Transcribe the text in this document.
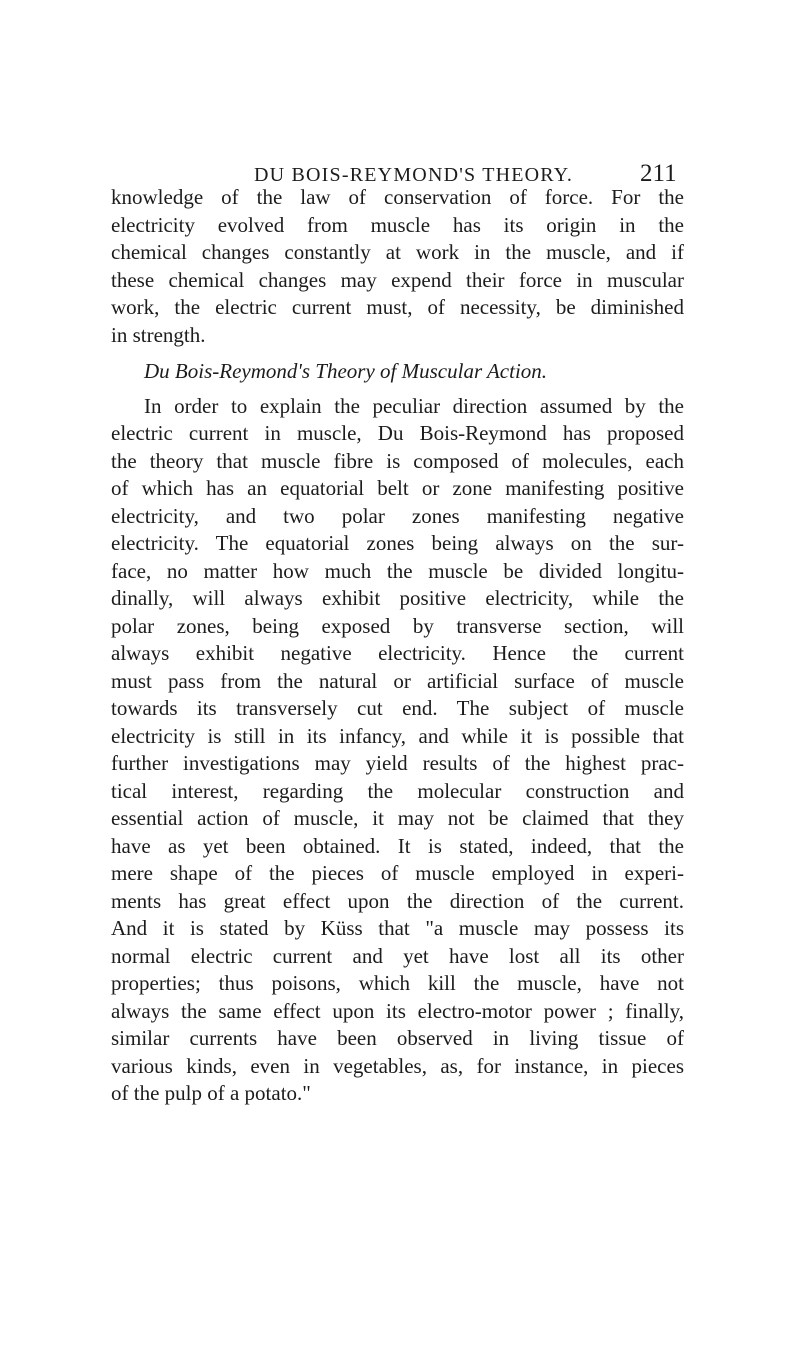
DU BOIS-REYMOND'S THEORY.	211
knowledge of the law of conservation of force. For the
electricity evolved from muscle has its origin in the
chemical changes constantly at work in the muscle, and if
these chemical changes may expend their force in muscular
work, the electric current must, of necessity, be diminished
in strength.
Du Bois-Reymond's Theory of Muscular Action.
In order to explain the peculiar direction assumed by the
electric current in muscle, Du Bois-Reymond has proposed
the theory that muscle fibre is composed of molecules, each
of which has an equatorial belt or zone manifesting positive
electricity, and two polar zones manifesting negative
electricity. The equatorial zones being always on the sur-
face, no matter how much the muscle be divided longitu-
dinally, will always exhibit positive electricity, while the
polar zones, being exposed by transverse section, will
always exhibit negative electricity. Hence the current
must pass from the natural or artificial surface of muscle
towards its transversely cut end. The subject of muscle
electricity is still in its infancy, and while it is possible that
further investigations may yield results of the highest prac-
tical interest, regarding the molecular construction and
essential action of muscle, it may not be claimed that they
have as yet been obtained. It is stated, indeed, that the
mere shape of the pieces of muscle employed in experi-
ments has great effect upon the direction of the current.
And it is stated by Küss that "a muscle may possess its
normal electric current and yet have lost all its other
properties; thus poisons, which kill the muscle, have not
always the same effect upon its electro-motor power ; finally,
similar currents have been observed in living tissue of
various kinds, even in vegetables, as, for instance, in pieces
of the pulp of a potato."
